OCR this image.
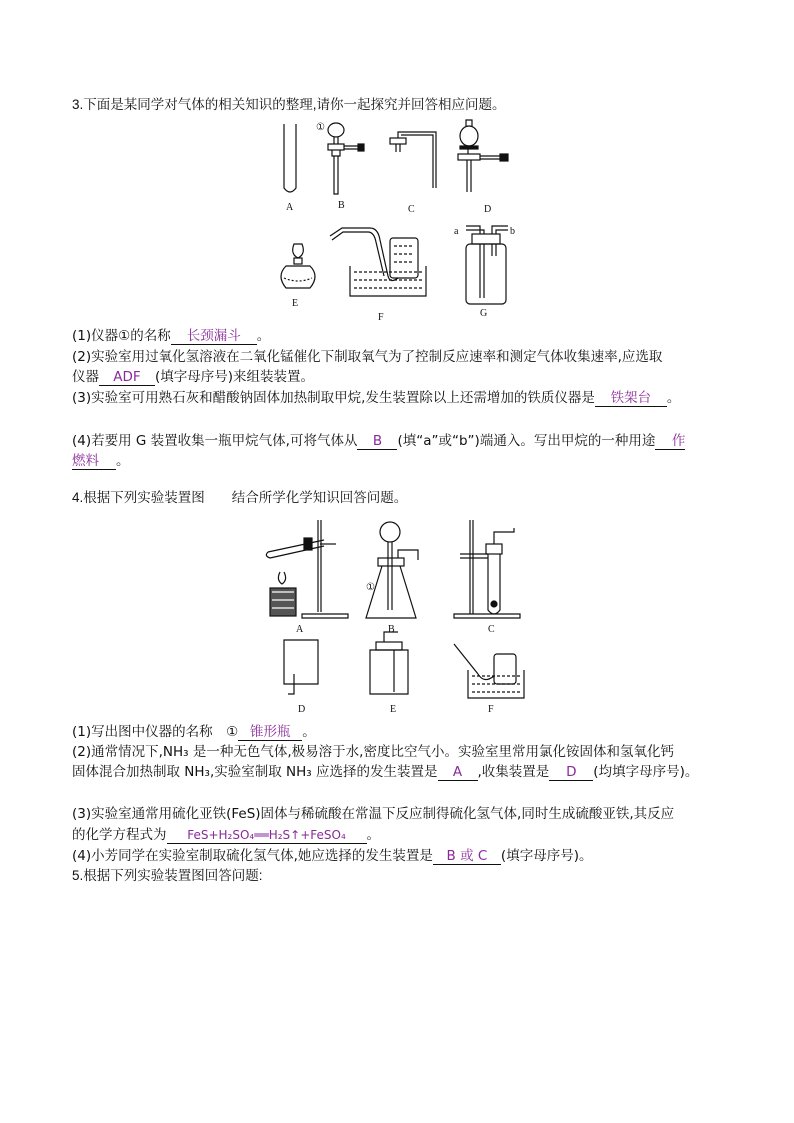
3.下面是某同学对气体的相关知识的整理,请你一起探究并回答相应问题。
A	B	C	D
①
E
F	G
a	b
(1)仪器①的名称 长颈漏斗 。
(2)实验室用过氧化氢溶液在二氧化锰催化下制取氧气为了控制反应速率和测定气体收集速率,应选取
仪器 ADF (填字母序号)来组装装置。
(3)实验室可用熟石灰和醋酸钠固体加热制取甲烷,发生装置除以上还需增加的铁质仪器是 铁架台 。
(4)若要用 G 装置收集一瓶甲烷气体,可将气体从 B (填“a”或“b”)端通入。写出甲烷的一种用途 作
燃料 。
4.根据下列实验装置图　　结合所学化学知识回答问题。
A	B	C
①
D	E	F
(1)写出图中仪器的名称　① 锥形瓶 。
(2)通常情况下,NH₃ 是一种无色气体,极易溶于水,密度比空气小。实验室里常用氯化铵固体和氢氧化钙
固体混合加热制取 NH₃,实验室制取 NH₃ 应选择的发生装置是 A ,收集装置是 D (均填字母序号)。
(3)实验室通常用硫化亚铁(FeS)固体与稀硫酸在常温下反应制得硫化氢气体,同时生成硫酸亚铁,其反应
的化学方程式为 FeS+H₂SO₄══H₂S↑+FeSO₄ 。
(4)小芳同学在实验室制取硫化氢气体,她应选择的发生装置是 B 或 C (填字母序号)。
5.根据下列实验装置图回答问题:
